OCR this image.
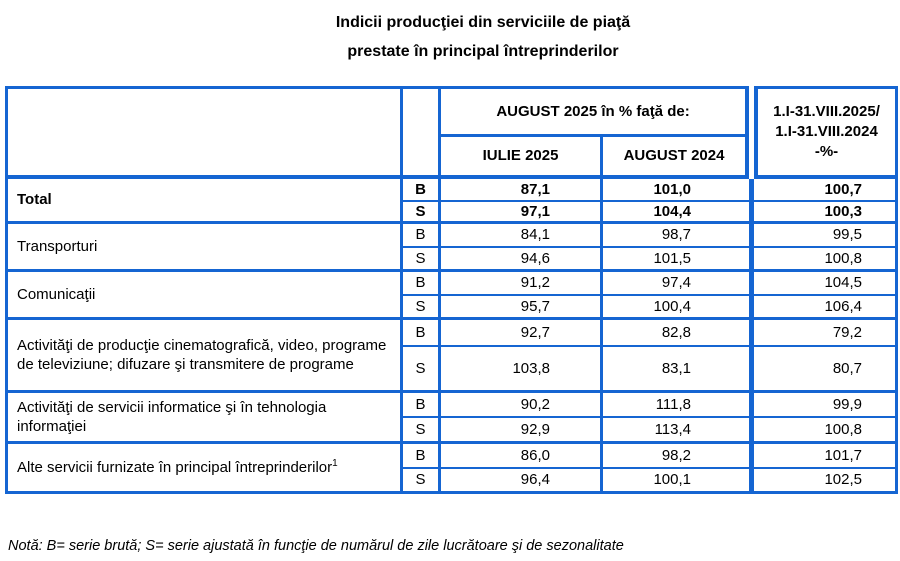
Indicii producţiei din serviciile de piaţă
prestate în principal întreprinderilor
		AUGUST 2025 în % faţă de:		1.I-31.VIII.2025/
1.I-31.VIII.2024
-%-

		IULIE 2025	AUGUST 2024	
Total	B	87,1	101,0	100,7
	S	97,1	104,4	100,3
Transporturi	B	84,1	98,7	99,5
	S	94,6	101,5	100,8
Comunicaţii	B	91,2	97,4	104,5
	S	95,7	100,4	106,4
Activităţi de producţie cinematografică, video, programe de televiziune; difuzare şi transmitere de programe	B	92,7	82,8	79,2
	S	103,8	83,1	80,7
Activităţi de servicii informatice şi în tehnologia informaţiei	B	90,2	111,8	99,9
	S	92,9	113,4	100,8
Alte servicii furnizate în principal întreprinderilor$^1$	B	86,0	98,2	101,7
	S	96,4	100,1	102,5
Notă: B= serie brută; S= serie ajustată în funcţie de numărul de zile lucrătoare şi de sezonalitate
